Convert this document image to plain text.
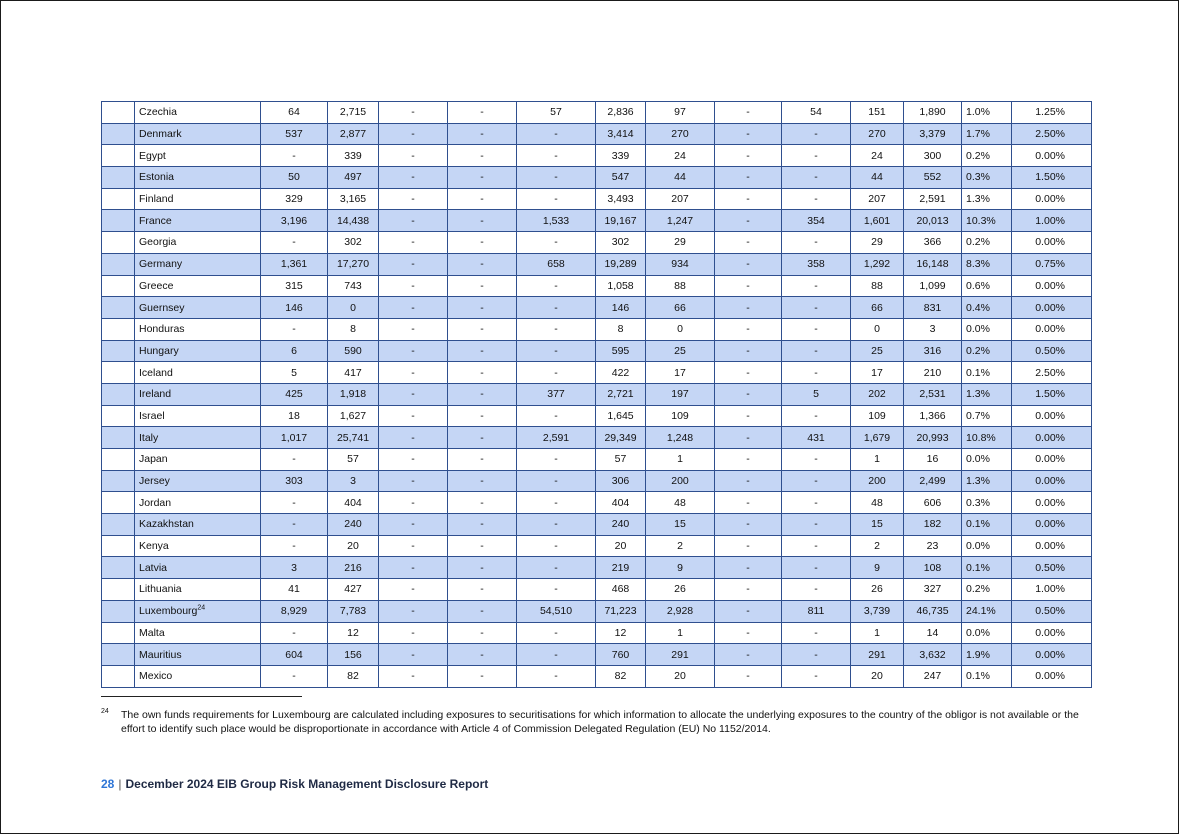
	Czechia	64	2,715	-	-	57	2,836	97	-	54	151	1,890	1.0%	1.25%
	Denmark	537	2,877	-	-	-	3,414	270	-	-	270	3,379	1.7%	2.50%
	Egypt	-	339	-	-	-	339	24	-	-	24	300	0.2%	0.00%
	Estonia	50	497	-	-	-	547	44	-	-	44	552	0.3%	1.50%
	Finland	329	3,165	-	-	-	3,493	207	-	-	207	2,591	1.3%	0.00%
	France	3,196	14,438	-	-	1,533	19,167	1,247	-	354	1,601	20,013	10.3%	1.00%
	Georgia	-	302	-	-	-	302	29	-	-	29	366	0.2%	0.00%
	Germany	1,361	17,270	-	-	658	19,289	934	-	358	1,292	16,148	8.3%	0.75%
	Greece	315	743	-	-	-	1,058	88	-	-	88	1,099	0.6%	0.00%
	Guernsey	146	0	-	-	-	146	66	-	-	66	831	0.4%	0.00%
	Honduras	-	8	-	-	-	8	0	-	-	0	3	0.0%	0.00%
	Hungary	6	590	-	-	-	595	25	-	-	25	316	0.2%	0.50%
	Iceland	5	417	-	-	-	422	17	-	-	17	210	0.1%	2.50%
	Ireland	425	1,918	-	-	377	2,721	197	-	5	202	2,531	1.3%	1.50%
	Israel	18	1,627	-	-	-	1,645	109	-	-	109	1,366	0.7%	0.00%
	Italy	1,017	25,741	-	-	2,591	29,349	1,248	-	431	1,679	20,993	10.8%	0.00%
	Japan	-	57	-	-	-	57	1	-	-	1	16	0.0%	0.00%
	Jersey	303	3	-	-	-	306	200	-	-	200	2,499	1.3%	0.00%
	Jordan	-	404	-	-	-	404	48	-	-	48	606	0.3%	0.00%
	Kazakhstan	-	240	-	-	-	240	15	-	-	15	182	0.1%	0.00%
	Kenya	-	20	-	-	-	20	2	-	-	2	23	0.0%	0.00%
	Latvia	3	216	-	-	-	219	9	-	-	9	108	0.1%	0.50%
	Lithuania	41	427	-	-	-	468	26	-	-	26	327	0.2%	1.00%
	Luxembourg$^{24}$	8,929	7,783	-	-	54,510	71,223	2,928	-	811	3,739	46,735	24.1%	0.50%
	Malta	-	12	-	-	-	12	1	-	-	1	14	0.0%	0.00%
	Mauritius	604	156	-	-	-	760	291	-	-	291	3,632	1.9%	0.00%
	Mexico	-	82	-	-	-	82	20	-	-	20	247	0.1%	0.00%
24 The own funds requirements for Luxembourg are calculated including exposures to securitisations for which information to allocate the underlying exposures to the country of the obligor is not available or the effort to identify such place would be disproportionate in accordance with Article 4 of Commission Delegated Regulation (EU) No 1152/2014.
28 | December 2024 EIB Group Risk Management Disclosure Report
